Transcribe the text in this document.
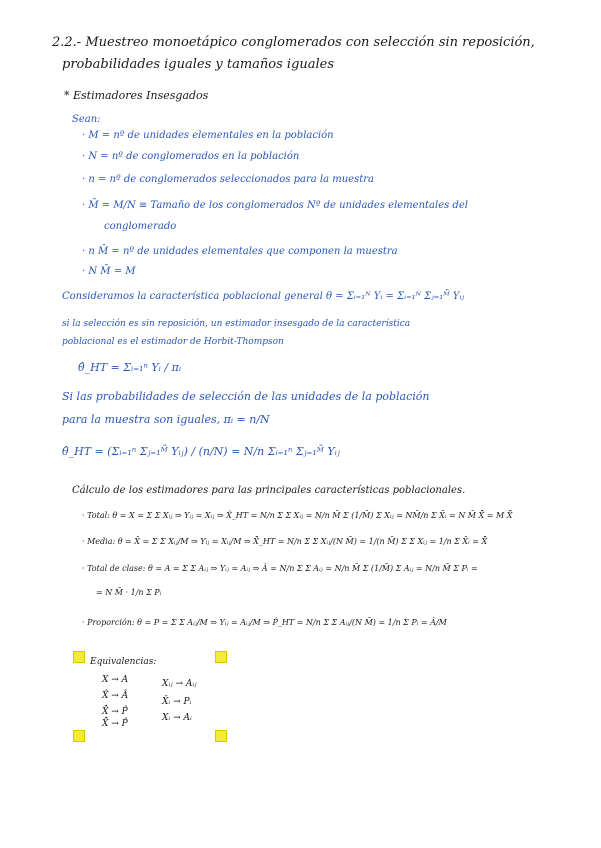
2.2.- Muestreo monoetápico conglomerados con selección sin reposición,
probabilidades iguales y tamaños iguales
* Estimadores Insesgados
Sean:
· M = nº de unidades elementales en la población
· N = nº de conglomerados en la población
· n = nº de conglomerados seleccionados para la muestra
· M̄ = M/N ≡ Tamaño de los conglomerados Nº de unidades elementales del
conglomerado
· n M̄ = nº de unidades elementales que componen la muestra
· N M̄ = M
Consideramos la característica poblacional general θ = Σᵢ₌₁ᴺ Yᵢ = Σᵢ₌₁ᴺ Σⱼ₌₁ᴹ̄ Yᵢⱼ
si la selección es sin reposición, un estimador insesgado de la característica
poblacional es el estimador de Horbit-Thompson
θ̂_HT = Σᵢ₌₁ⁿ Yᵢ / πᵢ
Si las probabilidades de selección de las unidades de la población
para la muestra son iguales, πᵢ = n/N
θ̂_HT = (Σᵢ₌₁ⁿ Σⱼ₌₁ᴹ̄ Yᵢⱼ) / (n/N) = N/n Σᵢ₌₁ⁿ Σⱼ₌₁ᴹ̄ Yᵢⱼ
Cálculo de los estimadores para las principales características poblacionales.
· Total: θ = X = Σ Σ Xᵢⱼ ⇒ Yᵢⱼ = Xᵢⱼ ⇒ X̂_HT = N/n Σ Σ Xᵢⱼ = N/n M̄ Σ (1/M̄) Σ Xᵢⱼ = NM̄/n Σ X̄ᵢ = N M̄ X̄̂ = M X̄̂
· Media: θ = X̄ = Σ Σ Xᵢⱼ/M ⇒ Yᵢⱼ = Xᵢⱼ/M ⇒ X̄̂_HT = N/n Σ Σ Xᵢⱼ/(N M̄) = 1/(n M̄) Σ Σ Xᵢⱼ = 1/n Σ X̄ᵢ = X̄̂
· Total de clase: θ = A = Σ Σ Aᵢⱼ ⇒ Yᵢⱼ = Aᵢⱼ ⇒ Â = N/n Σ Σ Aᵢⱼ = N/n M̄ Σ (1/M̄) Σ Aᵢⱼ = N/n M̄ Σ Pᵢ =
= N M̄ · 1/n Σ Pᵢ
· Proporción: θ = P = Σ Σ Aᵢⱼ/M ⇒ Yᵢⱼ = Aᵢⱼ/M ⇒ P̂_HT = N/n Σ Σ Aᵢⱼ/(N M̄) = 1/n Σ Pᵢ = Â/M
Equivalencias:
X → A
X̂ → Â
X̄̂ → P̂
X̄̂ → P̂
Xᵢⱼ → Aᵢⱼ
X̄ᵢ → Pᵢ
Xᵢ → Aᵢ
